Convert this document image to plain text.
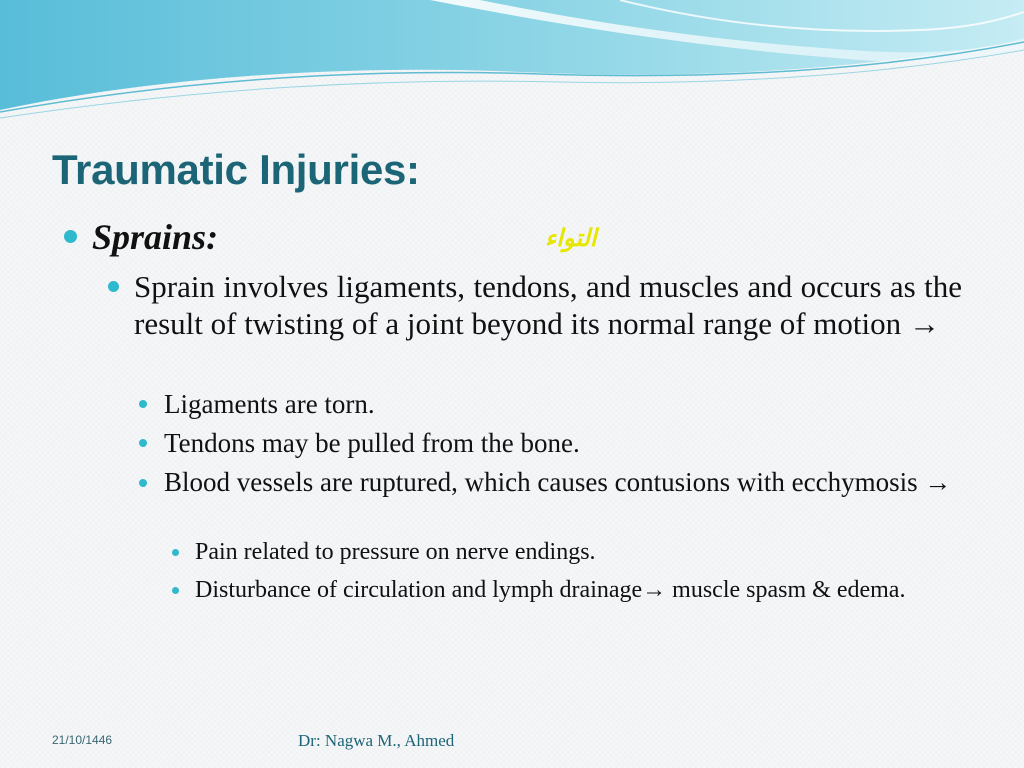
Traumatic Injuries:
Sprains:	التواء
Sprain involves ligaments, tendons, and muscles and occurs as the result of twisting of a joint beyond its normal range of motion →
Ligaments are torn.
Tendons may be pulled from the bone.
Blood vessels are ruptured, which causes contusions with ecchymosis →
Pain related to pressure on nerve endings.
Disturbance of circulation and lymph drainage→ muscle spasm & edema.
21/10/1446	Dr: Nagwa M., Ahmed
